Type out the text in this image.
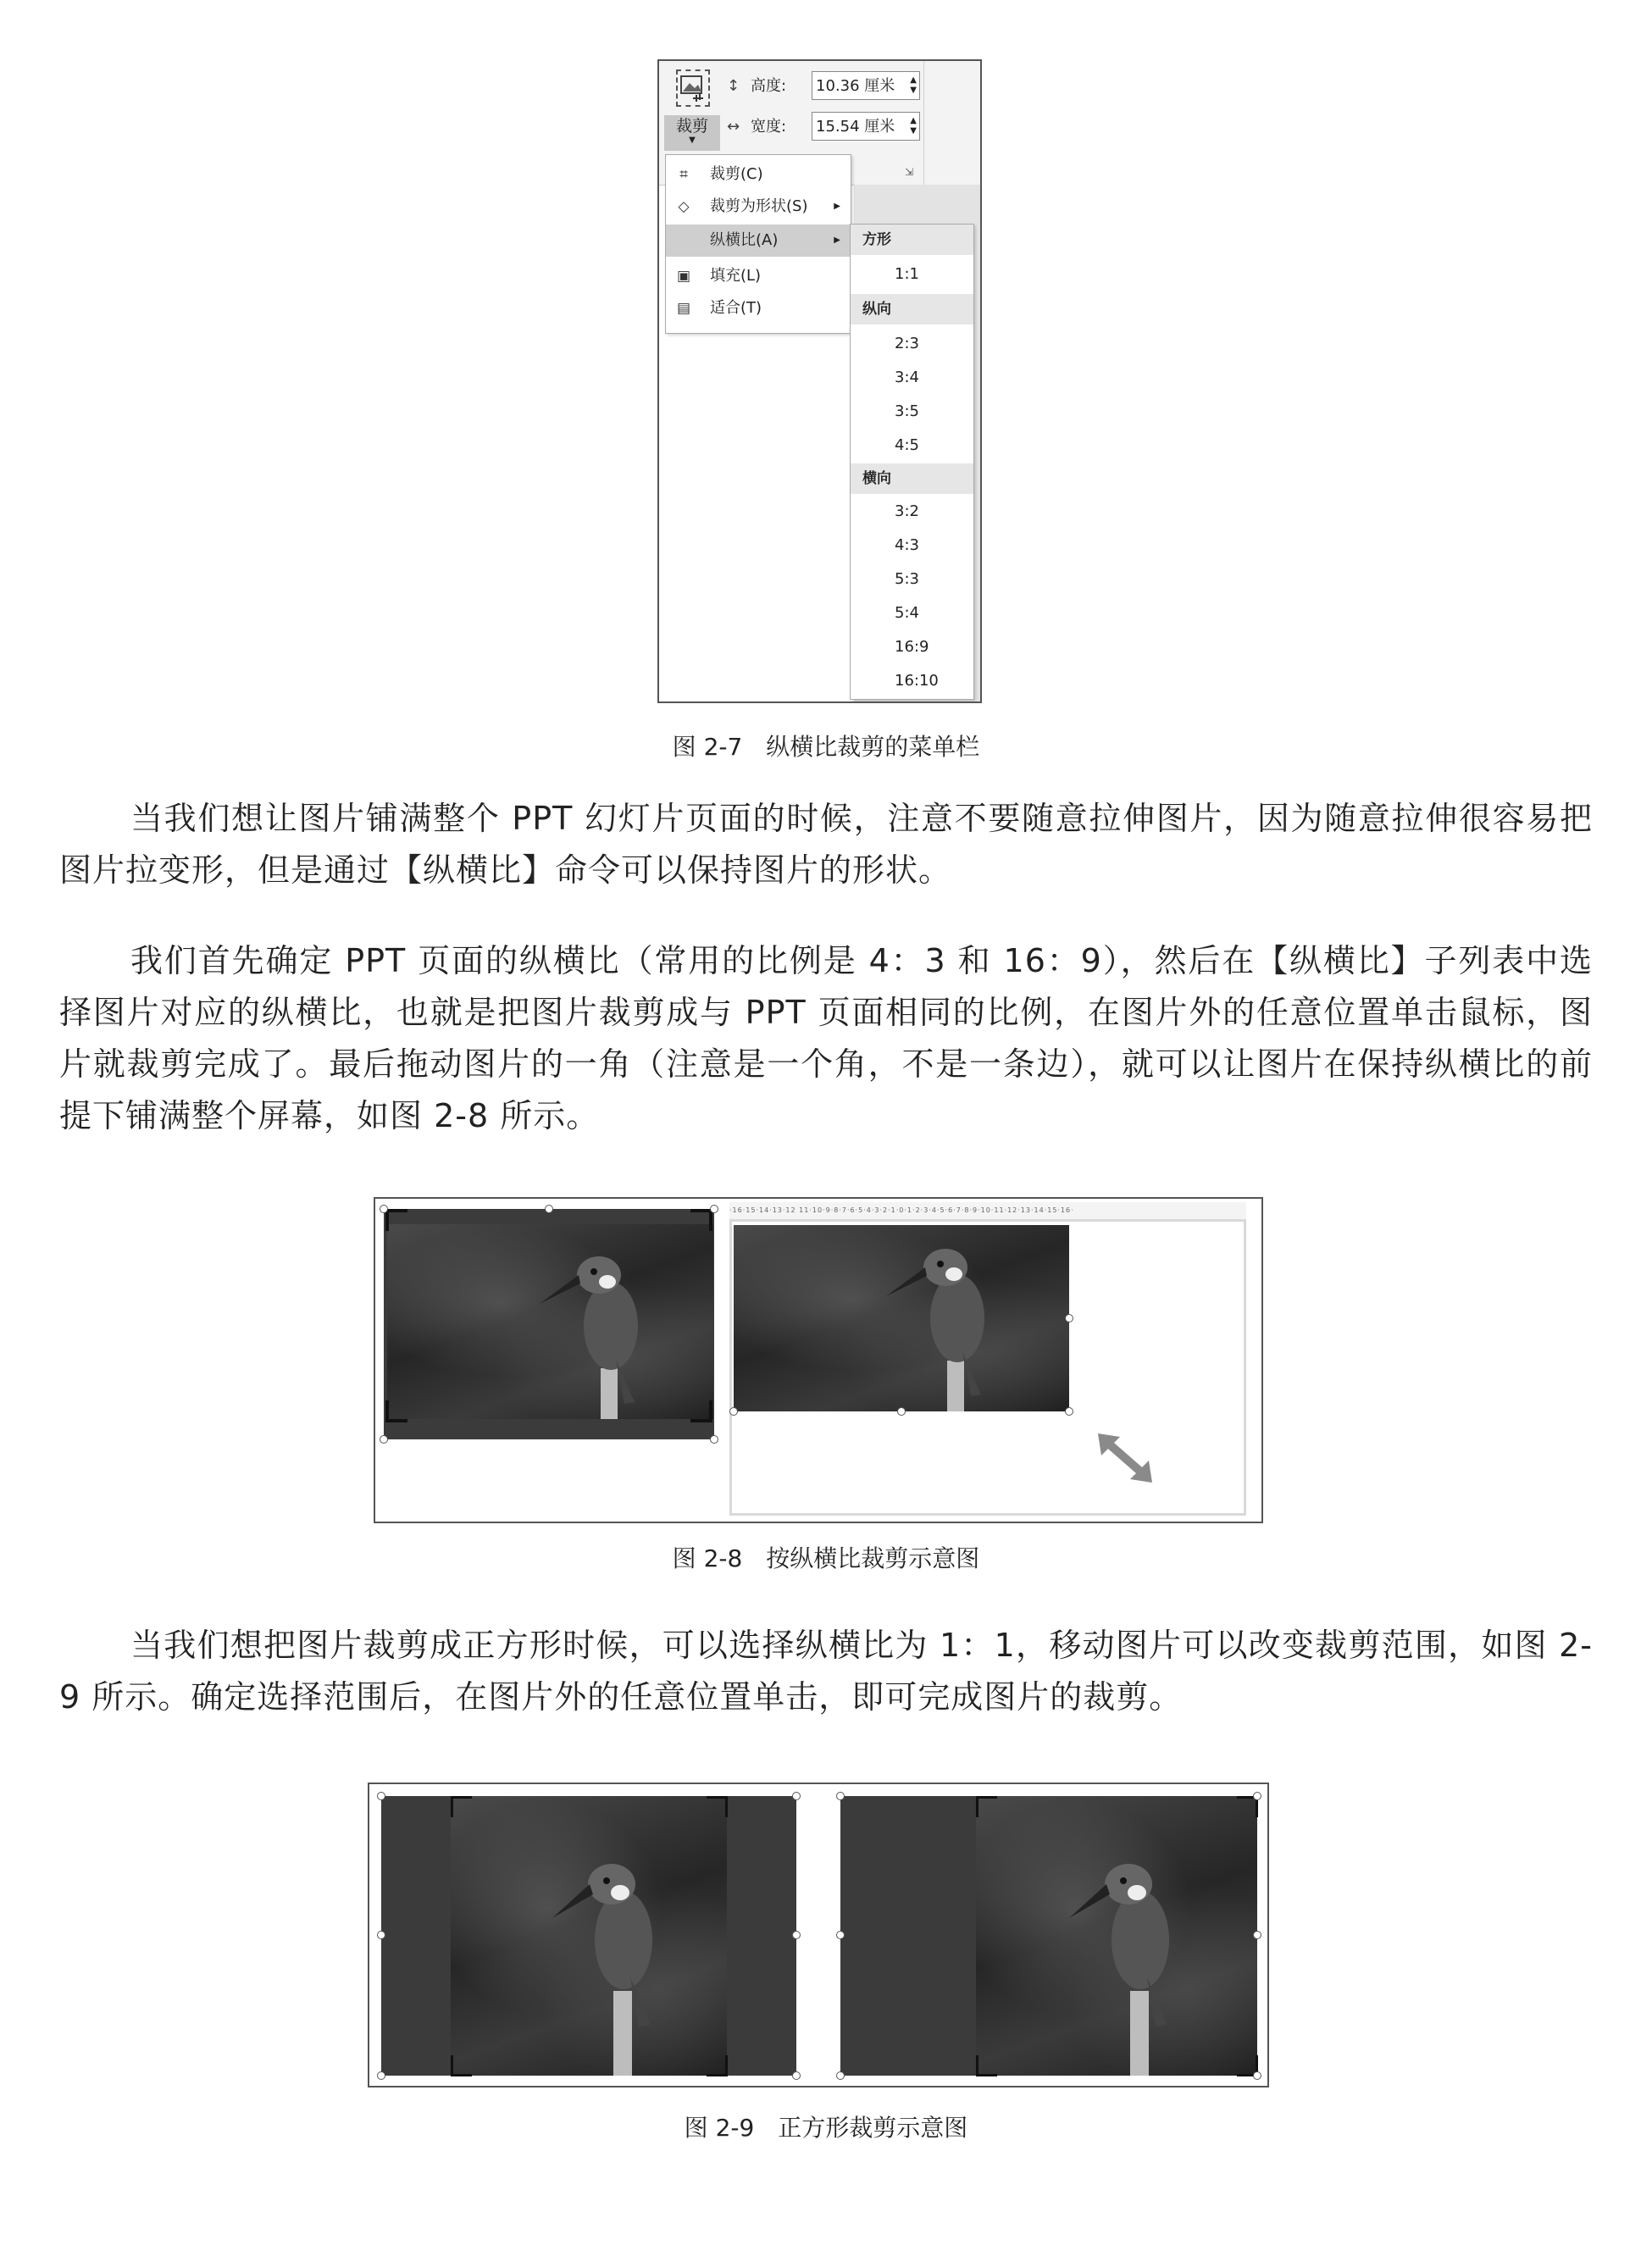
裁剪
▼
↕ 高度: 10.36 厘米 ▲
▼
↔ 宽度: 15.54 厘米 ▲
▼
⇲
⌗	裁剪(C)
◇	裁剪为形状(S)	▶
纵横比(A)	▶
▣ 填充(L)
▤ 适合(T)
方形
1:1
纵向
2:3
3:4
3:5
4:5
横向
3:2
4:3
5:3
5:4
16:9
16:10
图 2-7　纵横比裁剪的菜单栏

当我们想让图片铺满整个 PPT 幻灯片页面的时候，注意不要随意拉伸图片，因为随意拉伸很容易把图片拉变形，但是通过【纵横比】命令可以保持图片的形状。

我们首先确定 PPT 页面的纵横比（常用的比例是 4：3 和 16：9），然后在【纵横比】子列表中选择图片对应的纵横比，也就是把图片裁剪成与 PPT 页面相同的比例，在图片外的任意位置单击鼠标，图片就裁剪完成了。最后拖动图片的一角（注意是一个角，不是一条边），就可以让图片在保持纵横比的前提下铺满整个屏幕，如图 2-8 所示。

·16·15·14·13·12 11·10·9·8·7·6·5·4·3·2·1·0·1·2·3·4·5·6·7·8·9·10·11·12·13·14·15·16·
图 2-8　按纵横比裁剪示意图

当我们想把图片裁剪成正方形时候，可以选择纵横比为 1：1，移动图片可以改变裁剪范围，如图 2-9 所示。确定选择范围后，在图片外的任意位置单击，即可完成图片的裁剪。

图 2-9　正方形裁剪示意图
